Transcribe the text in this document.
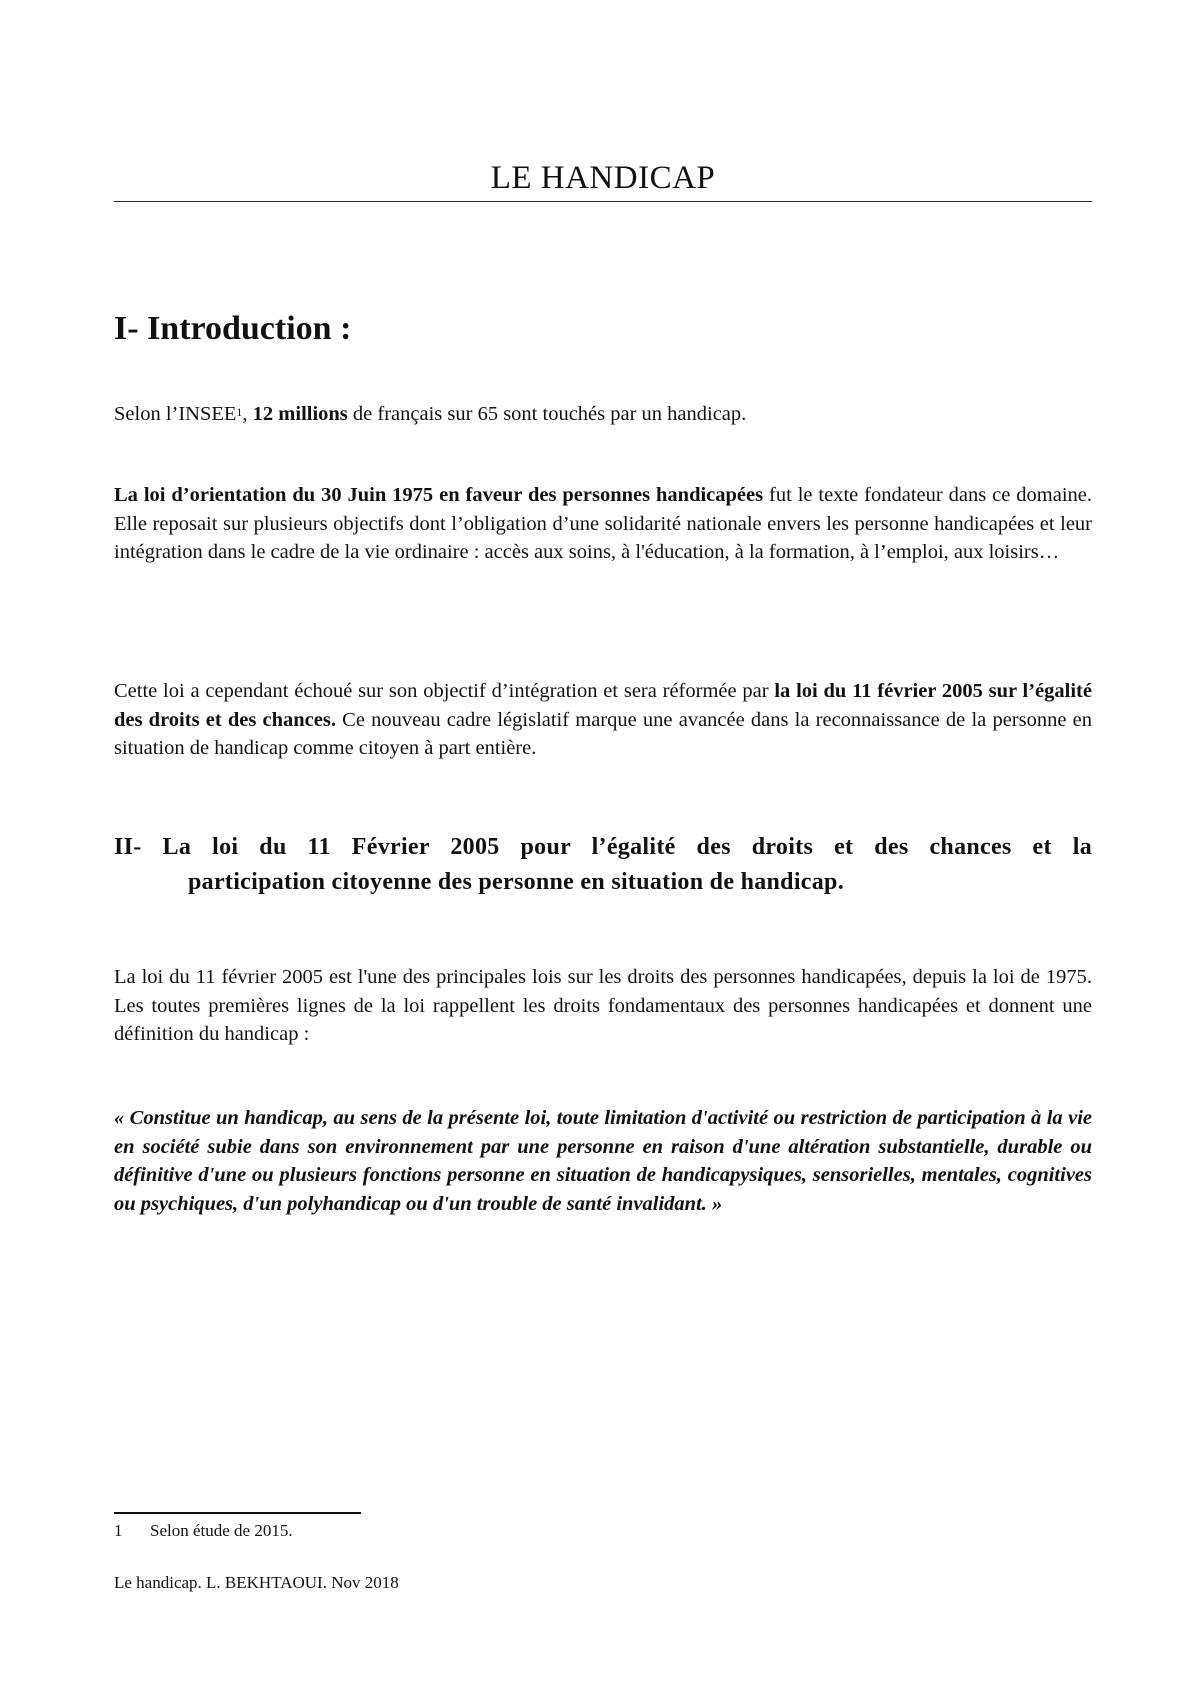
LE HANDICAP
I- Introduction :

Selon l’INSEE$^1$, 12 millions de français sur 65 sont touchés par un handicap.

La loi d’orientation du 30 Juin 1975 en faveur des personnes handicapées fut le texte fondateur dans ce domaine. Elle reposait sur plusieurs objectifs dont l’obligation d’une solidarité nationale envers les personne handicapées et leur intégration dans le cadre de la vie ordinaire : accès aux soins, à l'éducation, à la formation, à l’emploi, aux loisirs…

Cette loi a cependant échoué sur son objectif d’intégration et sera réformée par la loi du 11 février 2005 sur l’égalité des droits et des chances. Ce nouveau cadre législatif marque une avancée dans la reconnaissance de la personne en situation de handicap comme citoyen à part entière.

II- La loi du 11 Février 2005 pour l’égalité des droits et des chances et la
participation citoyenne des personne en situation de handicap.

La loi du 11 février 2005 est l'une des principales lois sur les droits des personnes handicapées, depuis la loi de 1975. Les toutes premières lignes de la loi rappellent les droits fondamentaux des personnes handicapées et donnent une définition du handicap :

« Constitue un handicap, au sens de la présente loi, toute limitation d'activité ou restriction de participation à la vie en société subie dans son environnement par une personne en raison d'une altération substantielle, durable ou définitive d'une ou plusieurs fonctions personne en situation de handicapysiques, sensorielles, mentales, cognitives ou psychiques, d'un polyhandicap ou d'un trouble de santé invalidant. »

1 Selon étude de 2015.

Le handicap. L. BEKHTAOUI. Nov 2018
